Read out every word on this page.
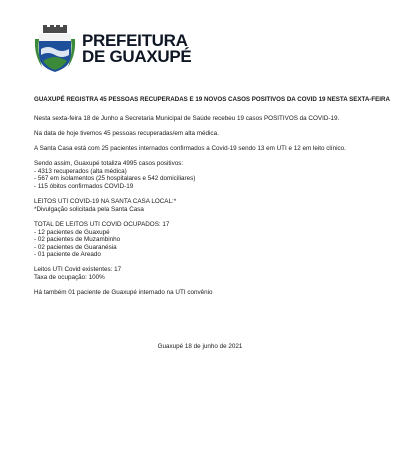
PREFEITURA
DE GUAXUPÉ
GUAXUPÉ REGISTRA 45 PESSOAS RECUPERADAS E 19 NOVOS CASOS POSITIVOS DA COVID 19 NESTA SEXTA-FEIRA
Nesta sexta-feira 18 de Junho a Secretaria Municipal de Saúde recebeu 19 casos POSITIVOS da COVID-19.
Na data de hoje tivemos 45 pessoas recuperadas/em alta médica.
A Santa Casa está com 25 pacientes internados confirmados a Covid-19 sendo 13 em UTI e 12 em leito clínico.
Sendo assim, Guaxupé totaliza 4995 casos positivos:
- 4313 recuperados (alta médica)
- 567 em isolamentos (25 hospitalares e 542 domiciliares)
- 115 óbitos confirmados COVID-19
LEITOS UTI COVID-19 NA SANTA CASA LOCAL:*
*Divulgação solicitada pela Santa Casa
TOTAL DE LEITOS UTI COVID OCUPADOS: 17
- 12 pacientes de Guaxupé
- 02 pacientes de Muzambinho
- 02 pacientes de Guaranésia
- 01 paciente de Areado
Leitos UTI Covid existentes: 17
Taxa de ocupação: 100%
Há também 01 paciente de Guaxupé internado na UTI convênio
Guaxupé 18 de junho de 2021
